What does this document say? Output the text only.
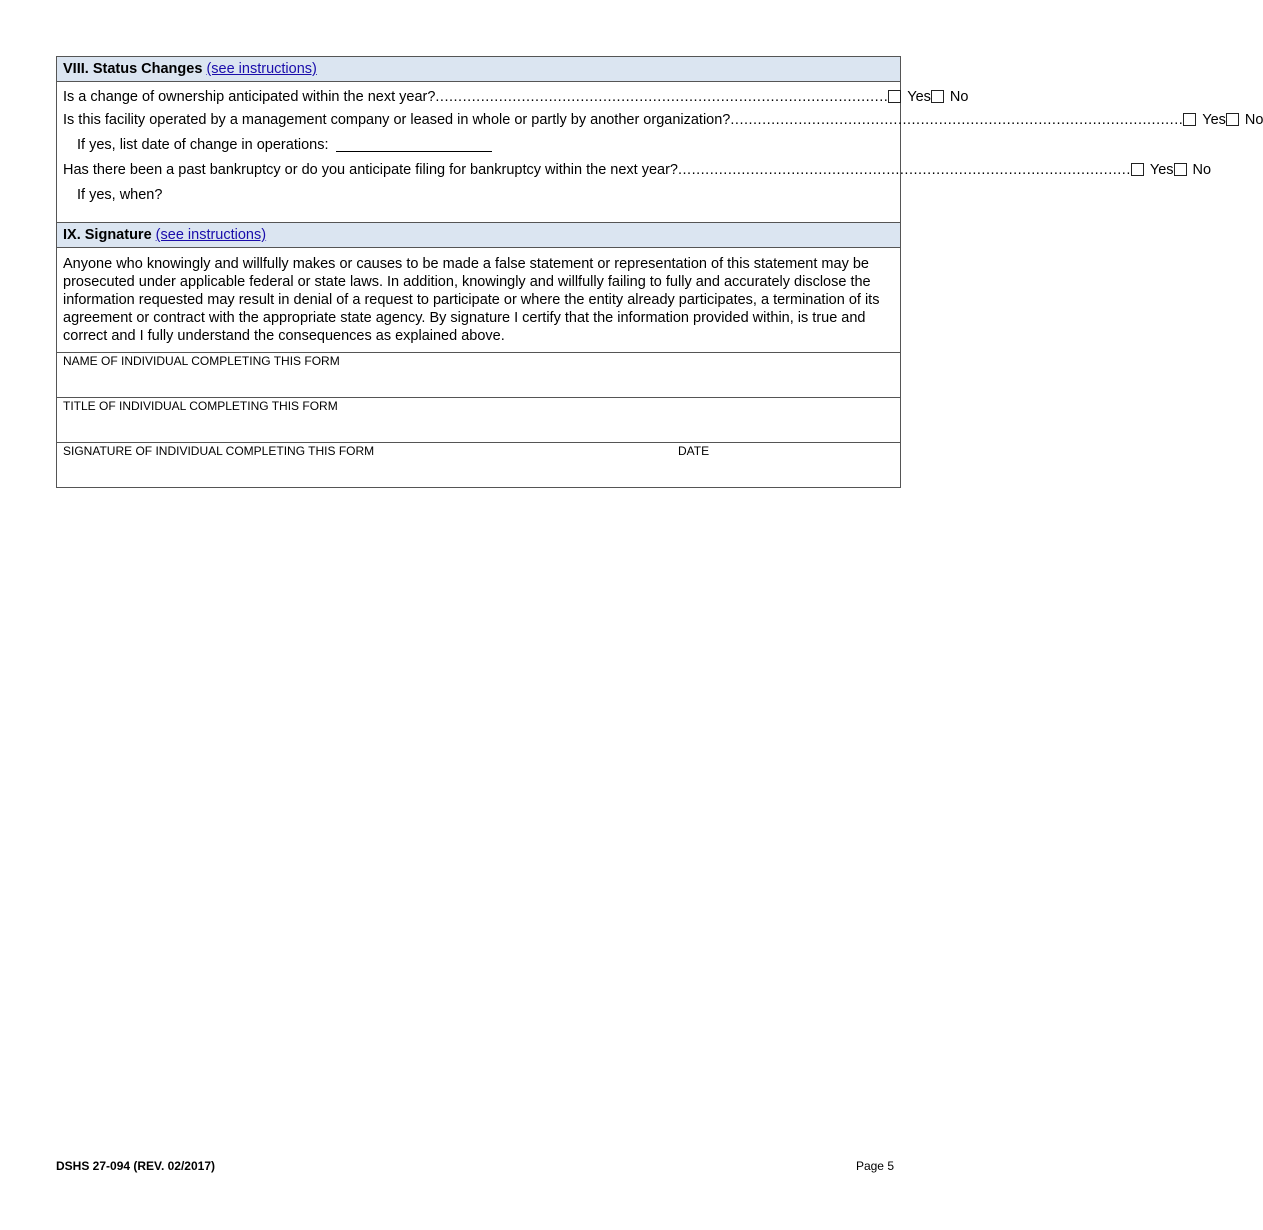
VIII. Status Changes (see instructions)
Is a change of ownership anticipated within the next year? .................................................................................................... Yes No
Is this facility operated by a management company or leased in whole or partly by another organization? .................................................................................................... Yes No
If yes, list date of change in operations:
Has there been a past bankruptcy or do you anticipate filing for bankruptcy within the next year? .................................................................................................... Yes No
If yes, when?
IX. Signature (see instructions)
Anyone who knowingly and willfully makes or causes to be made a false statement or representation of this statement may be prosecuted under applicable federal or state laws. In addition, knowingly and willfully failing to fully and accurately disclose the information requested may result in denial of a request to participate or where the entity already participates, a termination of its agreement or contract with the appropriate state agency. By signature I certify that the information provided within, is true and correct and I fully understand the consequences as explained above.
NAME OF INDIVIDUAL COMPLETING THIS FORM
TITLE OF INDIVIDUAL COMPLETING THIS FORM
SIGNATURE OF INDIVIDUAL COMPLETING THIS FORM	DATE
DSHS 27-094 (REV. 02/2017)	Page 5
